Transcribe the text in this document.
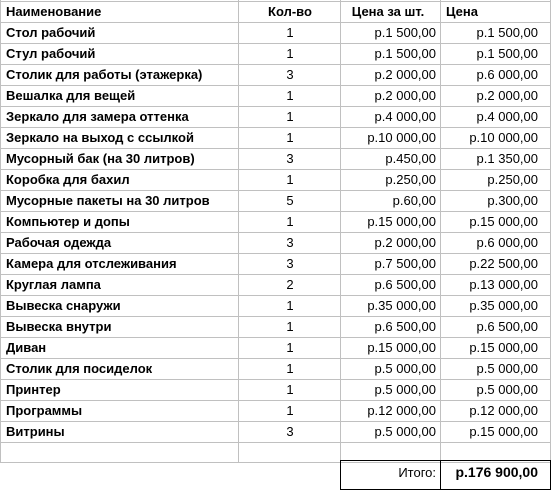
Наименование	Кол-во	Цена за шт.	Цена
Стол рабочий	1	р.1 500,00	р.1 500,00
Стул рабочий	1	р.1 500,00	р.1 500,00
Столик для работы (этажерка)	3	р.2 000,00	р.6 000,00
Вешалка для вещей	1	р.2 000,00	р.2 000,00
Зеркало для замера оттенка	1	р.4 000,00	р.4 000,00
Зеркало на выход с ссылкой	1	р.10 000,00	р.10 000,00
Мусорный бак (на 30 литров)	3	р.450,00	р.1 350,00
Коробка для бахил	1	р.250,00	р.250,00
Мусорные пакеты на 30 литров	5	р.60,00	р.300,00
Компьютер и допы	1	р.15 000,00	р.15 000,00
Рабочая одежда	3	р.2 000,00	р.6 000,00
Камера для отслеживания	3	р.7 500,00	р.22 500,00
Круглая лампа	2	р.6 500,00	р.13 000,00
Вывеска снаружи	1	р.35 000,00	р.35 000,00
Вывеска внутри	1	р.6 500,00	р.6 500,00
Диван	1	р.15 000,00	р.15 000,00
Столик для посиделок	1	р.5 000,00	р.5 000,00
Принтер	1	р.5 000,00	р.5 000,00
Программы	1	р.12 000,00	р.12 000,00
Витрины	3	р.5 000,00	р.15 000,00
Итого:	р.176 900,00
